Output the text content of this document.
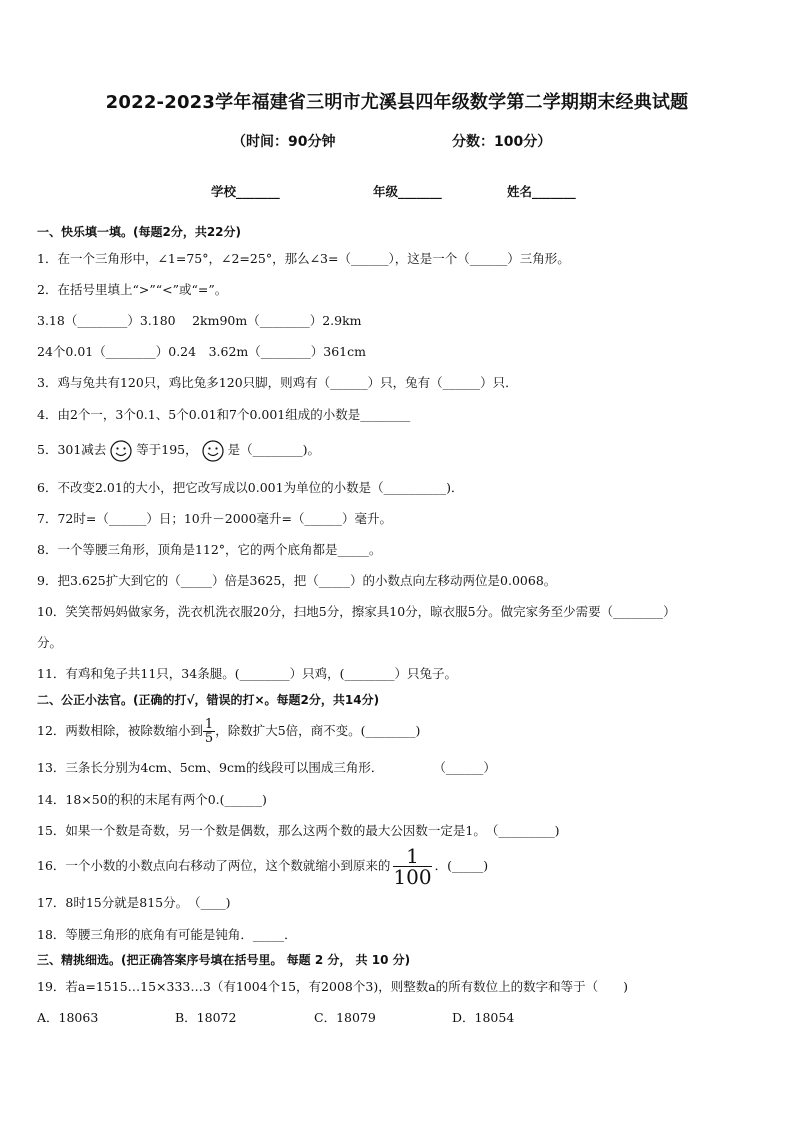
2022-2023学年福建省三明市尤溪县四年级数学第二学期期末经典试题
（时间：90分钟	分数：100分）
学校_______	年级_______	姓名_______
一、快乐填一填。(每题2分，共22分)
1．在一个三角形中，∠1=75°，∠2=25°，那么∠3=（______），这是一个（______）三角形。
2．在括号里填上“>”“<”或“=”。
3.18（________）3.180　 2km90m（________）2.9km
24个0.01（________）0.24　3.62m（________）361cm
3．鸡与兔共有120只，鸡比兔多120只脚，则鸡有（______）只，兔有（______）只．
4．由2个一，3个0.1、5个0.01和7个0.001组成的小数是________
5．301减去 等于195， 是（________)。
6．不改变2.01的大小，把它改写成以0.001为单位的小数是（__________)．
7．72时=（______）日；10升－2000毫升=（______）毫升。
8．一个等腰三角形，顶角是112°，它的两个底角都是_____。
9．把3.625扩大到它的（_____）倍是3625，把（_____）的小数点向左移动两位是0.0068。
10．笑笑帮妈妈做家务，洗衣机洗衣服20分，扫地5分，擦家具10分，晾衣服5分。做完家务至少需要（________）
分。
11．有鸡和兔子共11只，34条腿。(________）只鸡，(________）只兔子。
二、公正小法官。(正确的打√，错误的打×。每题2分，共14分)
12．两数相除，被除数缩小到 $\frac{1}{5}$ ，除数扩大5倍，商不变。(________)
13．三条长分别为4cm、5cm、9cm的线段可以围成三角形．　　　　　（______）
14．18×50的积的末尾有两个0.(______)
15．如果一个数是奇数，另一个数是偶数，那么这两个数的最大公因数一定是1。　（_________)
16．一个小数的小数点向右移动了两位，这个数就缩小到原来的 $\frac{1}{100}$ ．(_____)
17．8时15分就是815分。　（____)
18．等腰三角形的底角有可能是钝角．_____．
三、精挑细选。(把正确答案序号填在括号里。 每题 2 分， 共 10 分)
19．若a=1515…15×333…3（有1004个15，有2008个3)，则整数a的所有数位上的数字和等于（　　)
A．18063	B．18072	C．18079	D．18054
